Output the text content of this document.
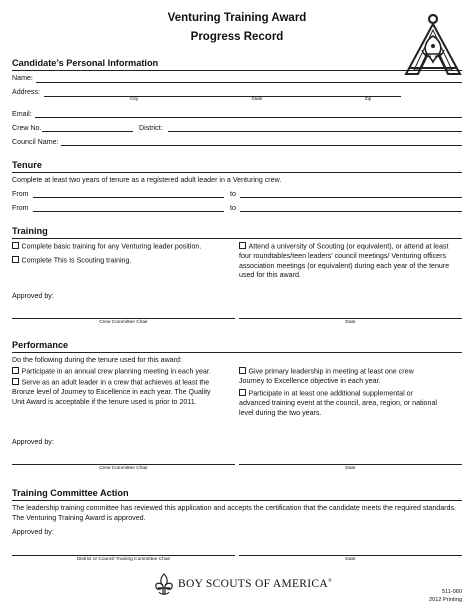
Venturing Training Award
Progress Record
Candidate’s Personal Information
Name:
Address:
City	State	Zip
Email:
Crew No.	District:
Council Name:
Tenure
Complete at least two years of tenure as a registered adult leader in a Venturing crew.
From	to
From	to
Training
Complete basic training for any Venturing leader position.
Complete This Is Scouting training.
Attend a university of Scouting (or equivalent), or attend at least four roundtables/teen leaders’ council meetings/ Venturing officers association meetings (or equivalent) during each year of the tenure used for this award.
Approved by:
Crew Committee Chair	Date
Performance
Do the following during the tenure used for this award:
Participate in an annual crew planning meeting in each year.
Serve as an adult leader in a crew that achieves at least the Bronze level of Journey to Excellence in each year. The Quality Unit Award is acceptable if the tenure used is prior to 2011.
Give primary leadership in meeting at least one crew Journey to Excellence objective in each year.
Participate in at least one additional supplemental or advanced training event at the council, area, region, or national level during the two years.
Approved by:
Crew Committee Chair	Date
Training Committee Action
The leadership training committee has reviewed this application and accepts the certification that the candidate meets the required standards. The Venturing Training Award is approved.
Approved by:
District or Council Training Committee Chair	Date
BOY SCOUTS OF AMERICA®
511-060
2012 Printing
